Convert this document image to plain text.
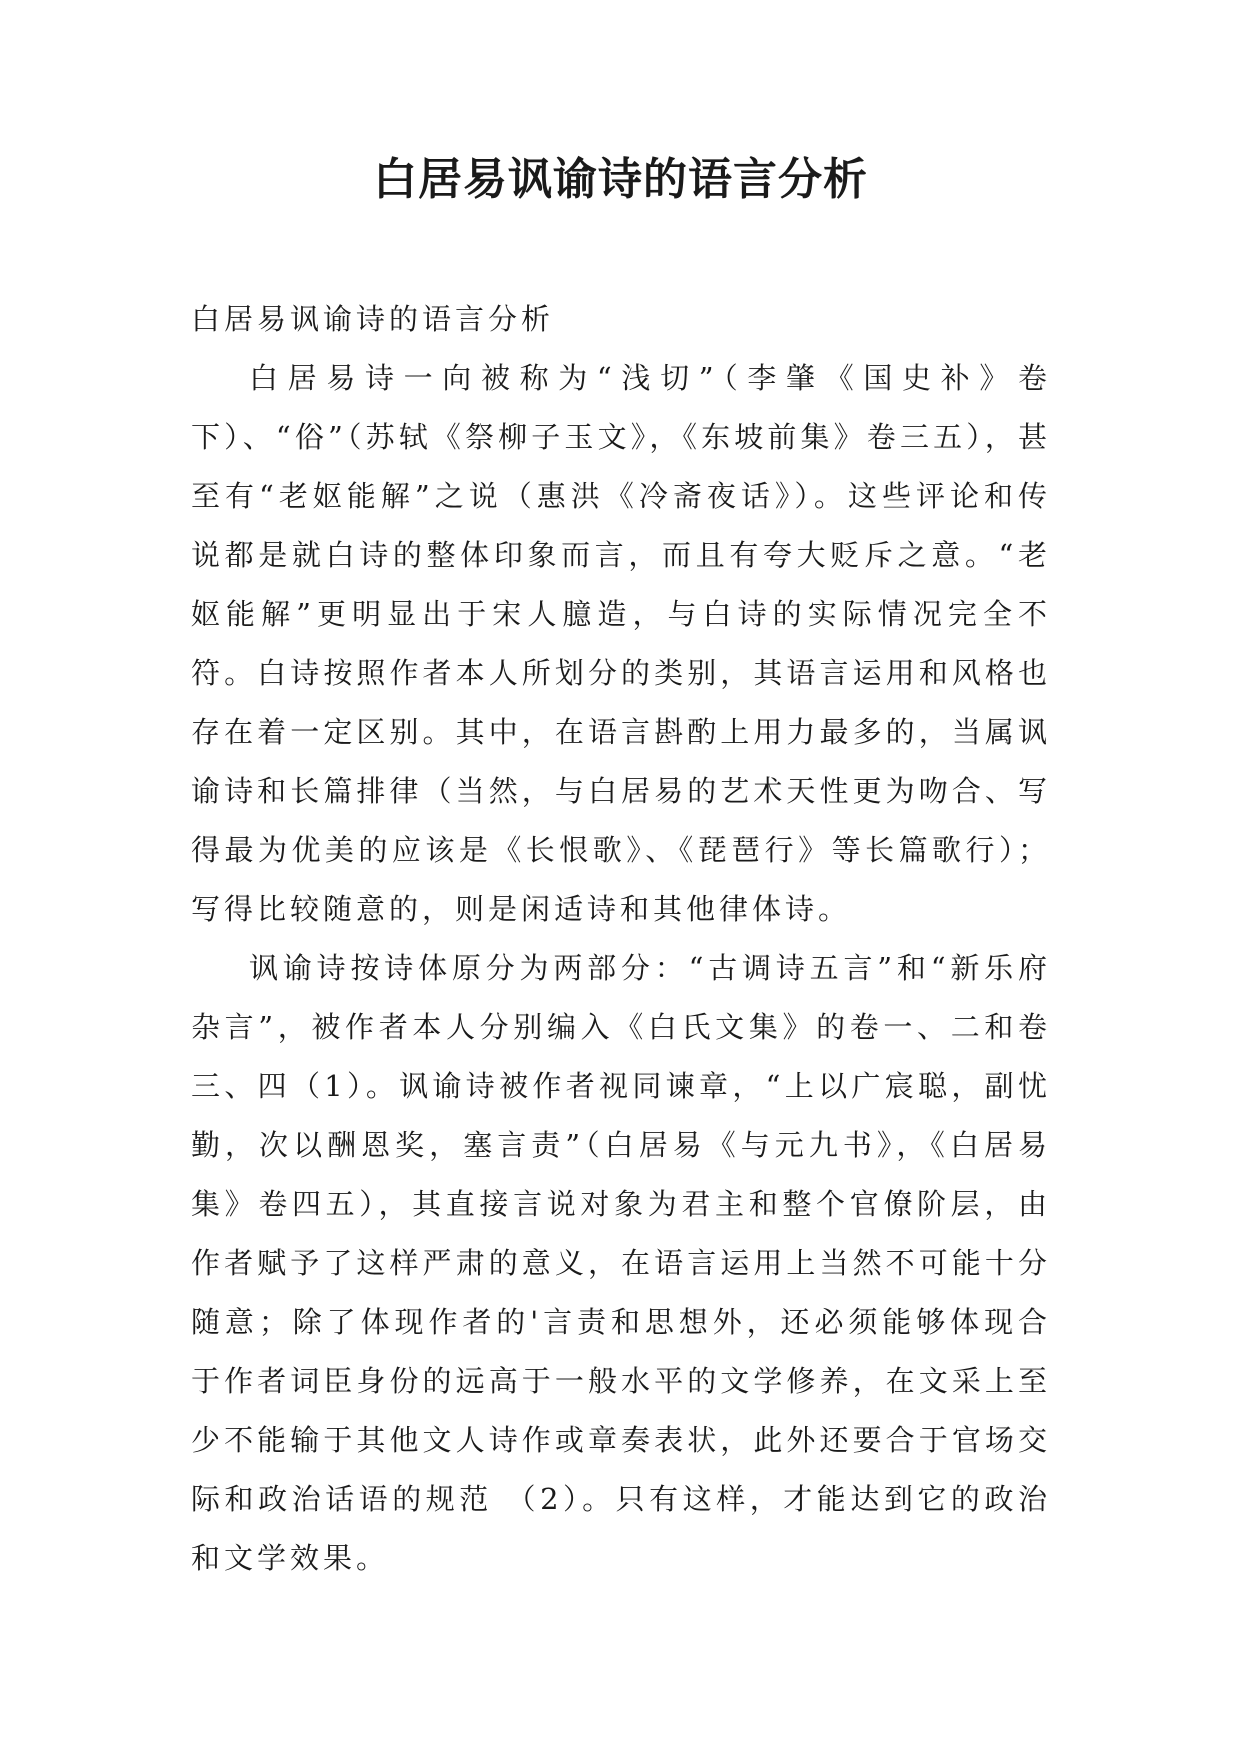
白居易讽谕诗的语言分析

白居易讽谕诗的语言分析

白居易诗一向被称为“浅切”（李肇《国史补》卷下）、“俗”（苏轼《祭柳子玉文》，《东坡前集》卷三五），甚至有“老妪能解”之说（惠洪《冷斋夜话》）。这些评论和传说都是就白诗的整体印象而言，而且有夸大贬斥之意。“老妪能解”更明显出于宋人臆造，与白诗的实际情况完全不符。白诗按照作者本人所划分的类别，其语言运用和风格也存在着一定区别。其中，在语言斟酌上用力最多的，当属讽谕诗和长篇排律（当然，与白居易的艺术天性更为吻合、写得最为优美的应该是《长恨歌》、《琵琶行》等长篇歌行）；写得比较随意的，则是闲适诗和其他律体诗。

讽谕诗按诗体原分为两部分：“古调诗五言”和“新乐府杂言”，被作者本人分别编入《白氏文集》的卷一、二和卷三、四（1）。讽谕诗被作者视同谏章，“上以广宸聪，副忧勤，次以酬恩奖，塞言责”（白居易《与元九书》，《白居易集》卷四五），其直接言说对象为君主和整个官僚阶层，由作者赋予了这样严肃的意义，在语言运用上当然不可能十分随意；除了体现作者的'言责和思想外，还必须能够体现合于作者词臣身份的远高于一般水平的文学修养，在文采上至少不能输于其他文人诗作或章奏表状，此外还要合于官场交际和政治话语的规范 （2）。只有这样，才能达到它的政治和文学效果。
